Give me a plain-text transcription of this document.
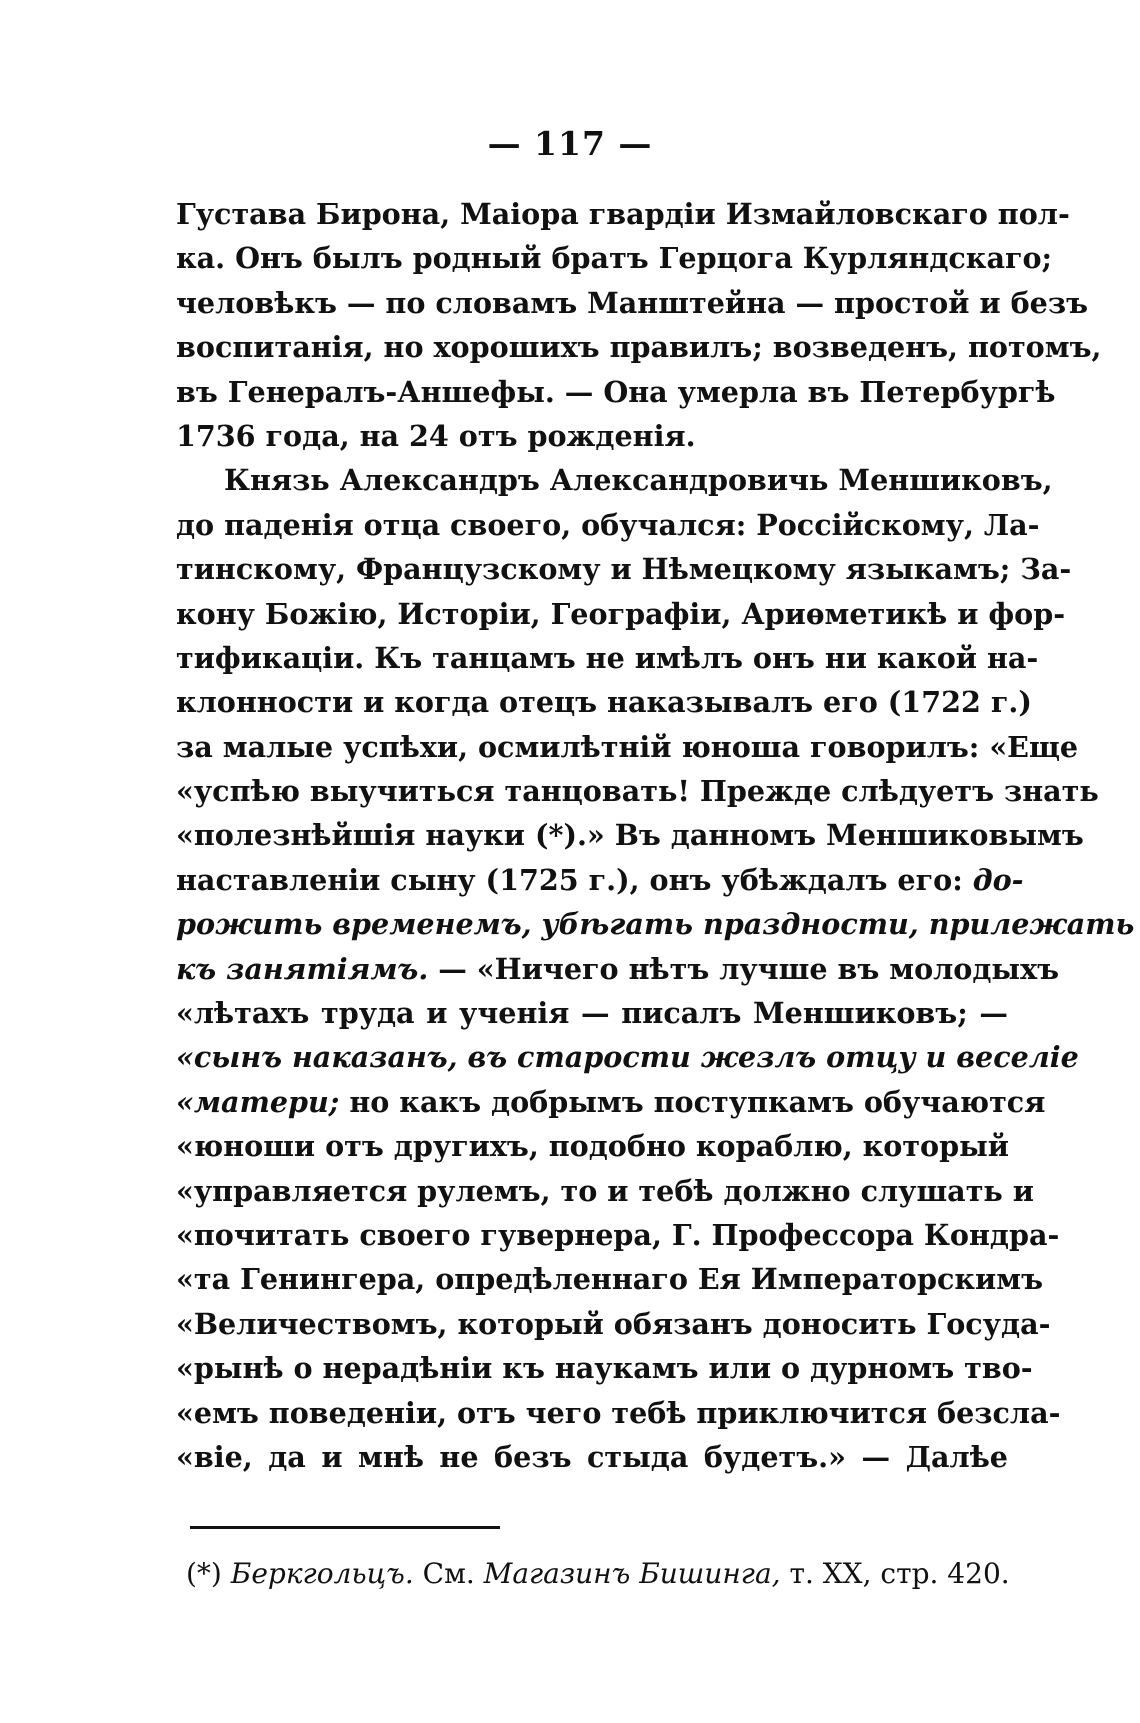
— 117 —
Густава Бирона, Маіора гвардіи Измайловскаго пол-
ка. Онъ былъ родный братъ Герцога Курляндскаго;
человѣкъ — по словамъ Манштейна — простой и безъ
воспитанія, но хорошихъ правилъ; возведенъ, потомъ,
въ Генералъ-Аншефы. — Она умерла въ Петербургѣ
1736 года, на 24 отъ рожденія.
Князь Александръ Александровичь Меншиковъ,
до паденія отца своего, обучался: Россійскому, Ла-
тинскому, Французскому и Нѣмецкому языкамъ; За-
кону Божію, Исторіи, Географіи, Ариѳметикѣ и фор-
тификаціи. Къ танцамъ не имѣлъ онъ ни какой на-
клонности и когда отецъ наказывалъ его (1722 г.)
за малые успѣхи, осмилѣтній юноша говорилъ: «Еще
«успѣю выучиться танцовать! Прежде слѣдуетъ знать
«полезнѣйшія науки (*).» Въ данномъ Меншиковымъ
наставленіи сыну (1725 г.), онъ убѣждалъ его: до-
рожить временемъ, убѣгать праздности, прилежать
къ занятіямъ. — «Ничего нѣтъ лучше въ молодыхъ
«лѣтахъ труда и ученія — писалъ Меншиковъ; —
«сынъ наказанъ, въ старости жезлъ отцу и веселіе
«матери; но какъ добрымъ поступкамъ обучаются
«юноши отъ другихъ, подобно кораблю, который
«управляется рулемъ, то и тебѣ должно слушать и
«почитать своего гувернера, Г. Профессора Кондра-
«та Генингера, опредѣленнаго Ея Императорскимъ
«Величествомъ, который обязанъ доносить Госуда-
«рынѣ о нерадѣніи къ наукамъ или о дурномъ тво-
«емъ поведеніи, отъ чего тебѣ приключится безсла-
«віе, да и мнѣ не безъ стыда будетъ.» — Далѣе
(*) Беркгольцъ. См. Магазинъ Бишинга, т. XX, стр. 420.
